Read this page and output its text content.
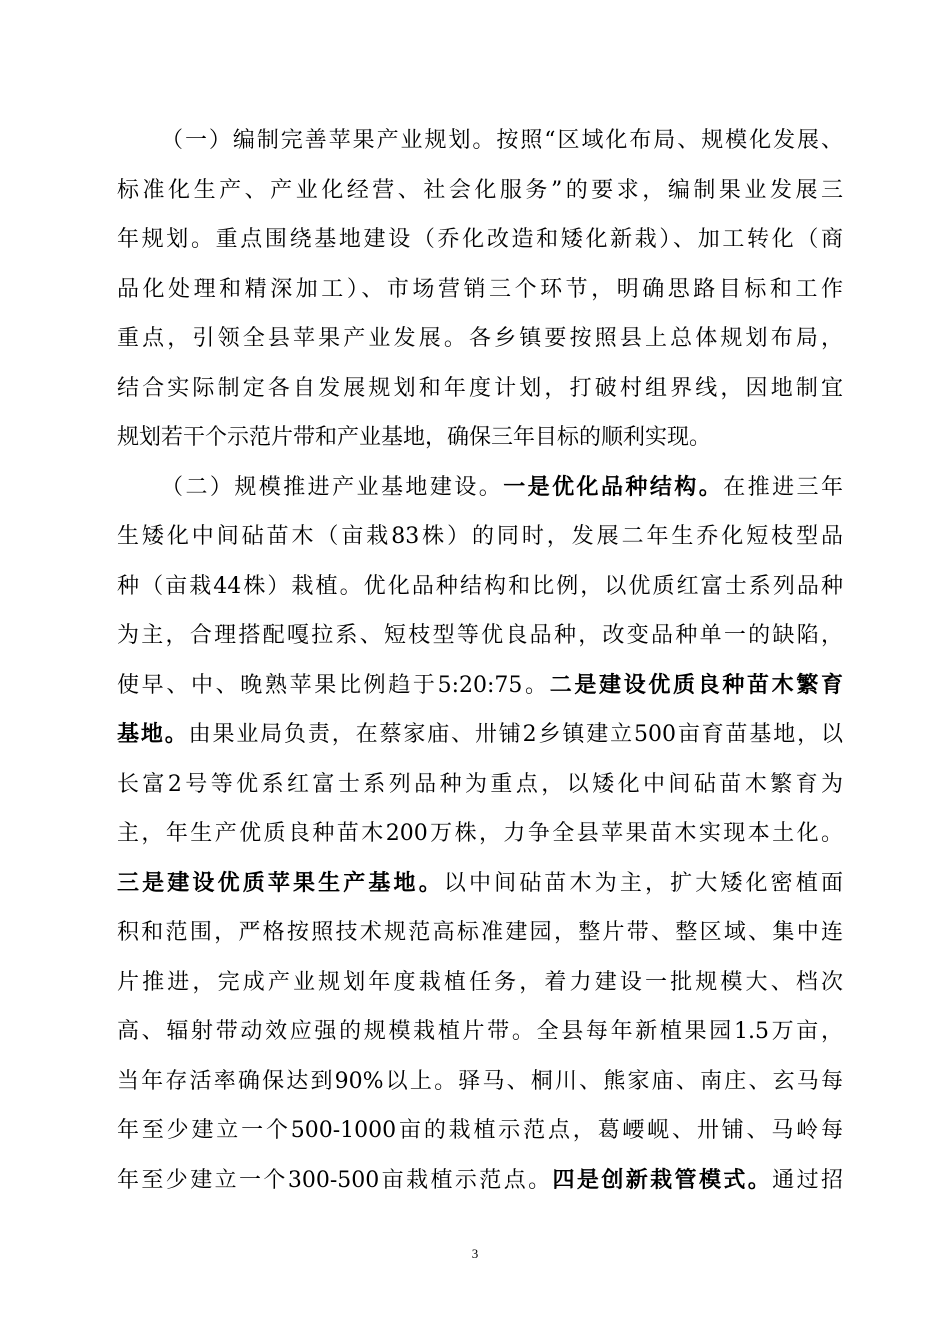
（一）编制完善苹果产业规划。按照“区域化布局、规模化发展、
标准化生产、产业化经营、社会化服务”的要求，编制果业发展三
年规划。重点围绕基地建设（乔化改造和矮化新栽）、加工转化（商
品化处理和精深加工）、市场营销三个环节，明确思路目标和工作
重点，引领全县苹果产业发展。各乡镇要按照县上总体规划布局，
结合实际制定各自发展规划和年度计划，打破村组界线，因地制宜
规划若干个示范片带和产业基地，确保三年目标的顺利实现。
（二）规模推进产业基地建设。一是优化品种结构。在推进三年
生矮化中间砧苗木（亩栽83株）的同时，发展二年生乔化短枝型品
种（亩栽44株）栽植。优化品种结构和比例，以优质红富士系列品种
为主，合理搭配嘎拉系、短枝型等优良品种，改变品种单一的缺陷，
使早、中、晚熟苹果比例趋于5:20:75。二是建设优质良种苗木繁育
基地。由果业局负责，在蔡家庙、卅铺2乡镇建立500亩育苗基地，以
长富2号等优系红富士系列品种为重点，以矮化中间砧苗木繁育为
主，年生产优质良种苗木200万株，力争全县苹果苗木实现本土化。
三是建设优质苹果生产基地。以中间砧苗木为主，扩大矮化密植面
积和范围，严格按照技术规范高标准建园，整片带、整区域、集中连
片推进，完成产业规划年度栽植任务，着力建设一批规模大、档次
高、辐射带动效应强的规模栽植片带。全县每年新植果园1.5万亩，
当年存活率确保达到90%以上。驿马、桐川、熊家庙、南庄、玄马每
年至少建立一个500-1000亩的栽植示范点，葛崾岘、卅铺、马岭每
年至少建立一个300-500亩栽植示范点。四是创新栽管模式。通过招
3
